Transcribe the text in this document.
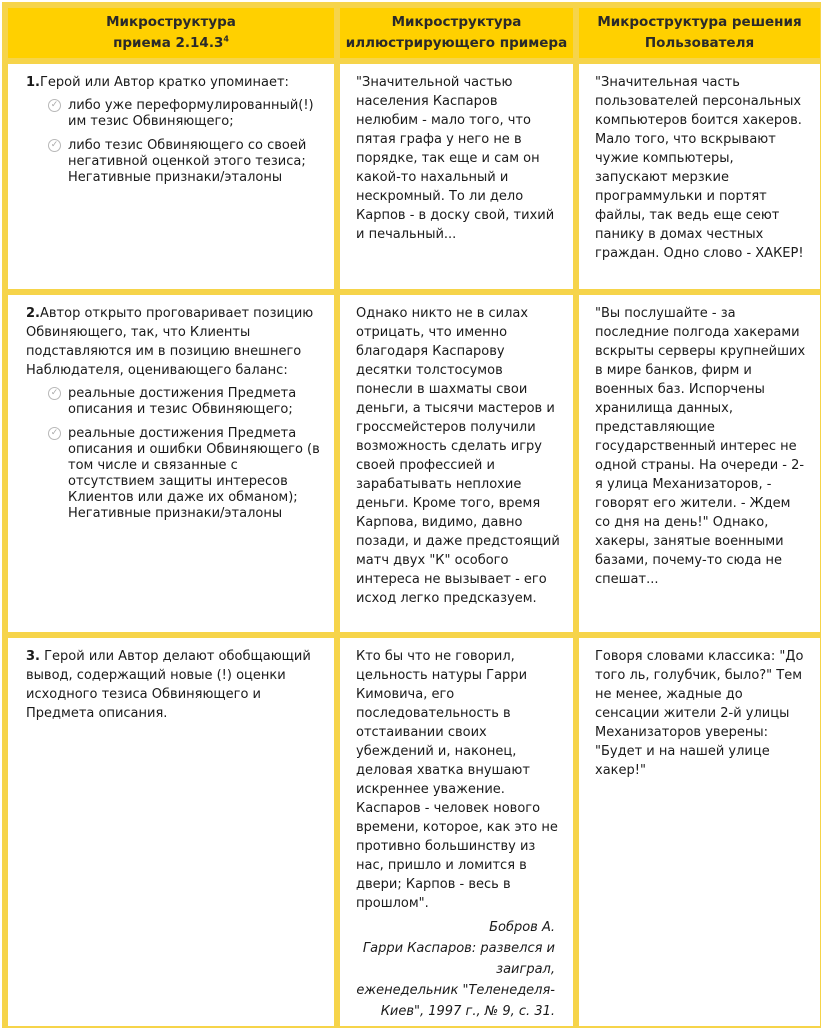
Микроструктура
приема 2.14.3$^4$
Микроструктура
иллюстрирующего примера
Микроструктура решения
Пользователя
1.Герой или Автор кратко упоминает:
✓ либо уже переформулированный(!) им тезис Обвиняющего;
✓ либо тезис Обвиняющего со своей негативной оценкой этого тезиса; Негативные признаки/эталоны
"Значительной частью населения Каспаров нелюбим - мало того, что пятая графа у него не в порядке, так еще и сам он какой-то нахальный и нескромный. То ли дело Карпов - в доску свой, тихий и печальный...
"Значительная часть пользователей персональных компьютеров боится хакеров. Мало того, что вскрывают чужие компьютеры, запускают мерзкие программульки и портят файлы, так ведь еще сеют панику в домах честных граждан. Одно слово - ХАКЕР!
2.Автор открыто проговаривает позицию Обвиняющего, так, что Клиенты подставляются им в позицию внешнего Наблюдателя, оценивающего баланс:
✓ реальные достижения Предмета описания и тезис Обвиняющего;
✓ реальные достижения Предмета описания и ошибки Обвиняющего (в том числе и связанные с отсутствием защиты интересов Клиентов или даже их обманом); Негативные признаки/эталоны
Однако никто не в силах отрицать, что именно благодаря Каспарову десятки толстосумов понесли в шахматы свои деньги, а тысячи мастеров и гроссмейстеров получили возможность сделать игру своей профессией и зарабатывать неплохие деньги. Кроме того, время Карпова, видимо, давно позади, и даже предстоящий матч двух "К" особого интереса не вызывает - его исход легко предсказуем.
"Вы послушайте - за последние полгода хакерами вскрыты серверы крупнейших в мире банков, фирм и военных баз. Испорчены хранилища данных, представляющие государственный интерес не одной страны. На очереди - 2-я улица Механизаторов, - говорят его жители. - Ждем со дня на день!" Однако, хакеры, занятые военными базами, почему-то сюда не спешат...
3. Герой или Автор делают обобщающий вывод, содержащий новые (!) оценки исходного тезиса Обвиняющего и Предмета описания.
Кто бы что не говорил, цельность натуры Гарри Кимовича, его последовательность в отстаивании своих убеждений и, наконец, деловая хватка внушают искреннее уважение. Каспаров - человек нового времени, которое, как это не противно большинству из нас, пришло и ломится в двери; Карпов - весь в прошлом".
Бобров А.
Гарри Каспаров: развелся и
заиграл,
еженедельник "Теленеделя-
Киев", 1997 г., № 9, с. 31.
Говоря словами классика: "До того ль, голубчик, было?" Тем не менее, жадные до сенсации жители 2-й улицы Механизаторов уверены: "Будет и на нашей улице хакер!"
